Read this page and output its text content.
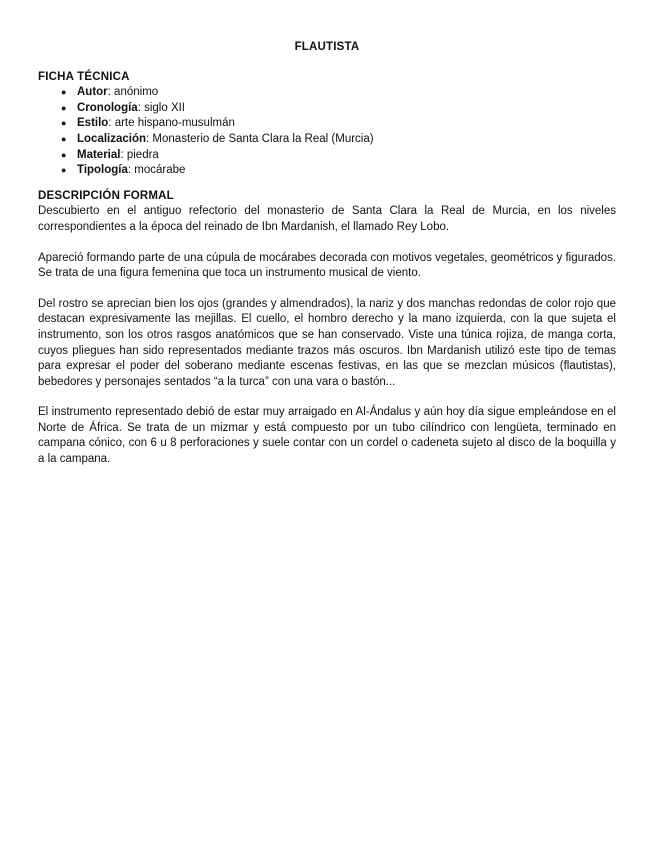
FLAUTISTA
FICHA TÉCNICA
● Autor: anónimo
● Cronología: siglo XII
● Estilo: arte hispano-musulmán
● Localización: Monasterio de Santa Clara la Real (Murcia)
● Material: piedra
● Tipología: mocárabe
DESCRIPCIÓN FORMAL

Descubierto en el antiguo refectorio del monasterio de Santa Clara la Real de Murcia, en los niveles correspondientes a la época del reinado de Ibn Mardanish, el llamado Rey Lobo.

Apareció formando parte de una cúpula de mocárabes decorada con motivos vegetales, geométricos y figurados. Se trata de una figura femenina que toca un instrumento musical de viento.

Del rostro se aprecian bien los ojos (grandes y almendrados), la nariz y dos manchas redondas de color rojo que destacan expresivamente las mejillas. El cuello, el hombro derecho y la mano izquierda, con la que sujeta el instrumento, son los otros rasgos anatómicos que se han conservado. Viste una túnica rojiza, de manga corta, cuyos pliegues han sido representados mediante trazos más oscuros. Ibn Mardanish utilizó este tipo de temas para expresar el poder del soberano mediante escenas festivas, en las que se mezclan músicos (flautistas), bebedores y personajes sentados “a la turca” con una vara o bastón...

El instrumento representado debió de estar muy arraigado en Al-Ándalus y aún hoy día sigue empleándose en el Norte de África. Se trata de un mizmar y está compuesto por un tubo cilíndrico con lengüeta, terminado en campana cónico, con 6 u 8 perforaciones y suele contar con un cordel o cadeneta sujeto al disco de la boquilla y a la campana.
